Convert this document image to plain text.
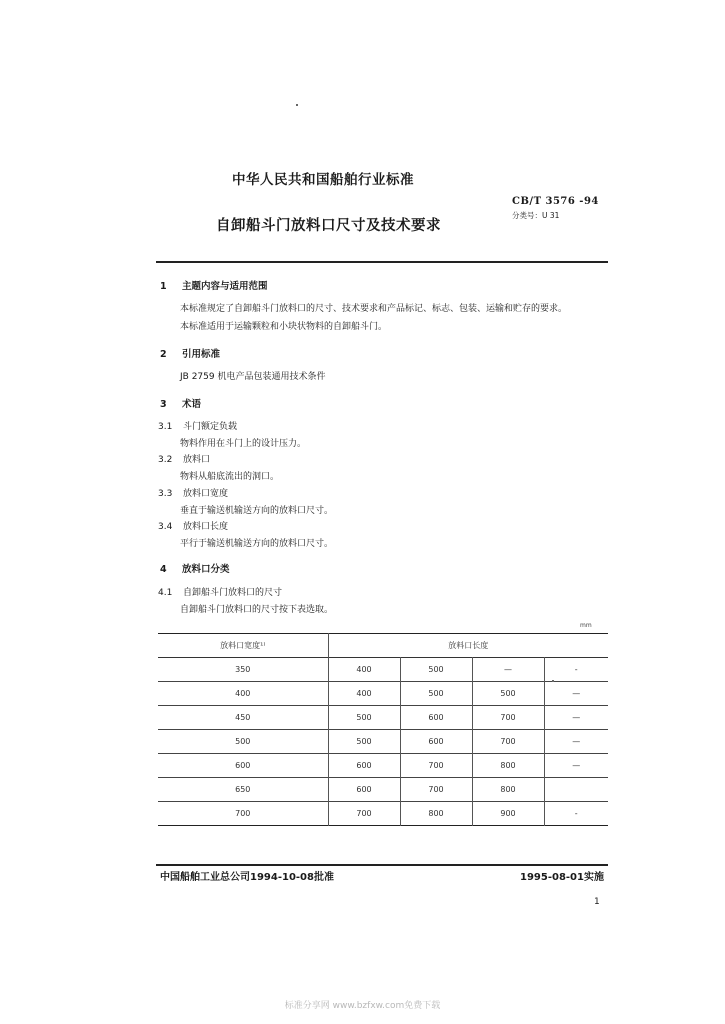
中华人民共和国船舶行业标准
CB/T 3576 -94
分类号：U 31
自卸船斗门放料口尺寸及技术要求
1 主题内容与适用范围
本标准规定了自卸船斗门放料口的尺寸、技术要求和产品标记、标志、包装、运输和贮存的要求。
本标准适用于运输颗粒和小块状物料的自卸船斗门。
2 引用标准
JB 2759 机电产品包装通用技术条件
3 术语
3.1 斗门额定负载
物料作用在斗门上的设计压力。
3.2 放料口
物料从船底流出的洞口。
3.3 放料口宽度
垂直于输送机输送方向的放料口尺寸。
3.4 放料口长度
平行于输送机输送方向的放料口尺寸。
4 放料口分类
4.1 自卸船斗门放料口的尺寸
自卸船斗门放料口的尺寸按下表选取。
mm
放料口宽度¹⁾	放料口长度			
350	400	500	—	-
400	400	500	500	—
450	500	600	700	—
500	500	600	700	—
600	600	700	800	—
650	600	700	800	
700	700	800	900	-
中国船舶工业总公司1994-10-08批准	1995-08-01实施
1
标准分享网 www.bzfxw.com免费下载
